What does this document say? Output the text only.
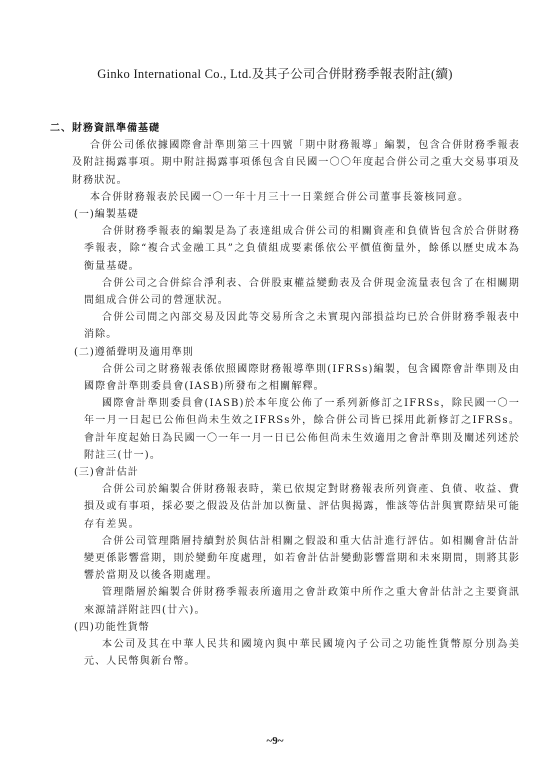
Ginko International Co., Ltd.及其子公司合併財務季報表附註(續)

二、財務資訊準備基礎

合併公司係依據國際會計準則第三十四號「期中財務報導」編製，包含合併財務季報表及附註揭露事項。期中附註揭露事項係包含自民國一〇〇年度起合併公司之重大交易事項及財務狀況。

本合併財務報表於民國一〇一年十月三十一日業經合併公司董事長簽核同意。

(一)編製基礎

合併財務季報表的編製是為了表達組成合併公司的相關資產和負債皆包含於合併財務季報表，除“複合式金融工具”之負債組成要素係依公平價值衡量外，餘係以歷史成本為衡量基礎。

合併公司之合併綜合淨利表、合併股東權益變動表及合併現金流量表包含了在相關期間組成合併公司的營運狀況。

合併公司間之內部交易及因此等交易所含之未實現內部損益均已於合併財務季報表中消除。

(二)遵循聲明及適用準則

合併公司之財務報表係依照國際財務報導準則(IFRSs)編製，包含國際會計準則及由國際會計準則委員會(IASB)所發布之相關解釋。

國際會計準則委員會(IASB)於本年度公佈了一系列新修訂之IFRSs，除民國一〇一年一月一日起已公佈但尚未生效之IFRSs外，餘合併公司皆已採用此新修訂之IFRSs。會計年度起始日為民國一〇一年一月一日已公佈但尚未生效適用之會計準則及闡述列述於附註三(廿一)。

(三)會計估計

合併公司於編製合併財務報表時，業已依規定對財務報表所列資產、負債、收益、費損及或有事項，採必要之假設及估計加以衡量、評估與揭露，惟該等估計與實際結果可能存有差異。

合併公司管理階層持續對於與估計相關之假設和重大估計進行評估。如相關會計估計變更係影響當期，則於變動年度處理，如若會計估計變動影響當期和未來期間，則將其影響於當期及以後各期處理。

管理階層於編製合併財務季報表所適用之會計政策中所作之重大會計估計之主要資訊來源請詳附註四(廿六)。

(四)功能性貨幣

本公司及其在中華人民共和國境內與中華民國境內子公司之功能性貨幣原分別為美元、人民幣與新台幣。

~9~
